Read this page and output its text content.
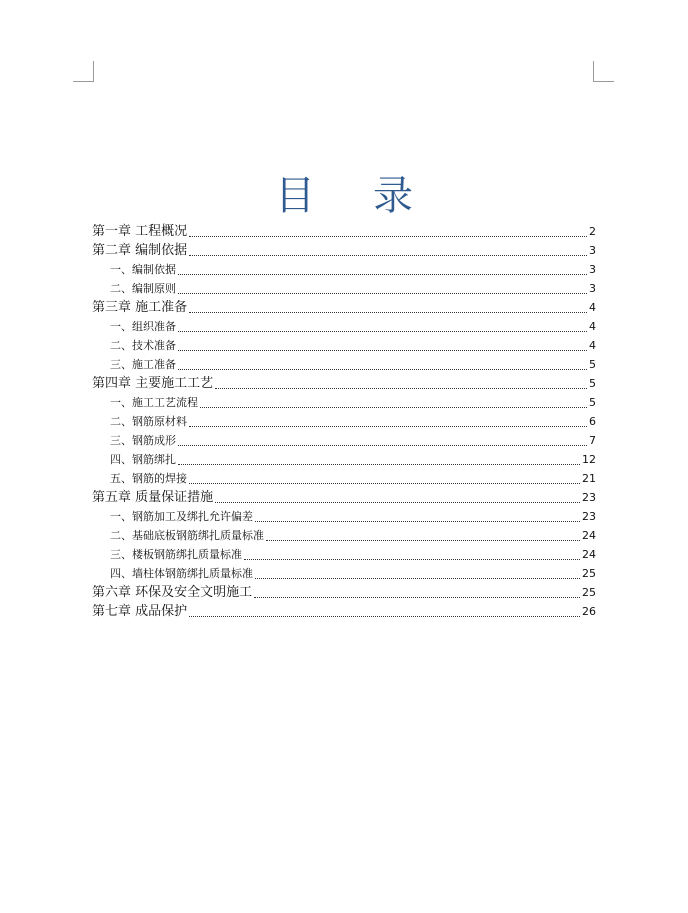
目 录
第一章 工程概况	2
第二章 编制依据	3
一、编制依据	3
二、编制原则	3
第三章 施工准备	4
一、组织准备	4
二、技术准备	4
三、施工准备	5
第四章 主要施工工艺	5
一、施工工艺流程	5
二、钢筋原材料	6
三、钢筋成形	7
四、钢筋绑扎	12
五、钢筋的焊接	21
第五章 质量保证措施	23
一、钢筋加工及绑扎允许偏差	23
二、基础底板钢筋绑扎质量标准	24
三、楼板钢筋绑扎质量标准	24
四、墙柱体钢筋绑扎质量标准	25
第六章 环保及安全文明施工	25
第七章 成品保护	26
